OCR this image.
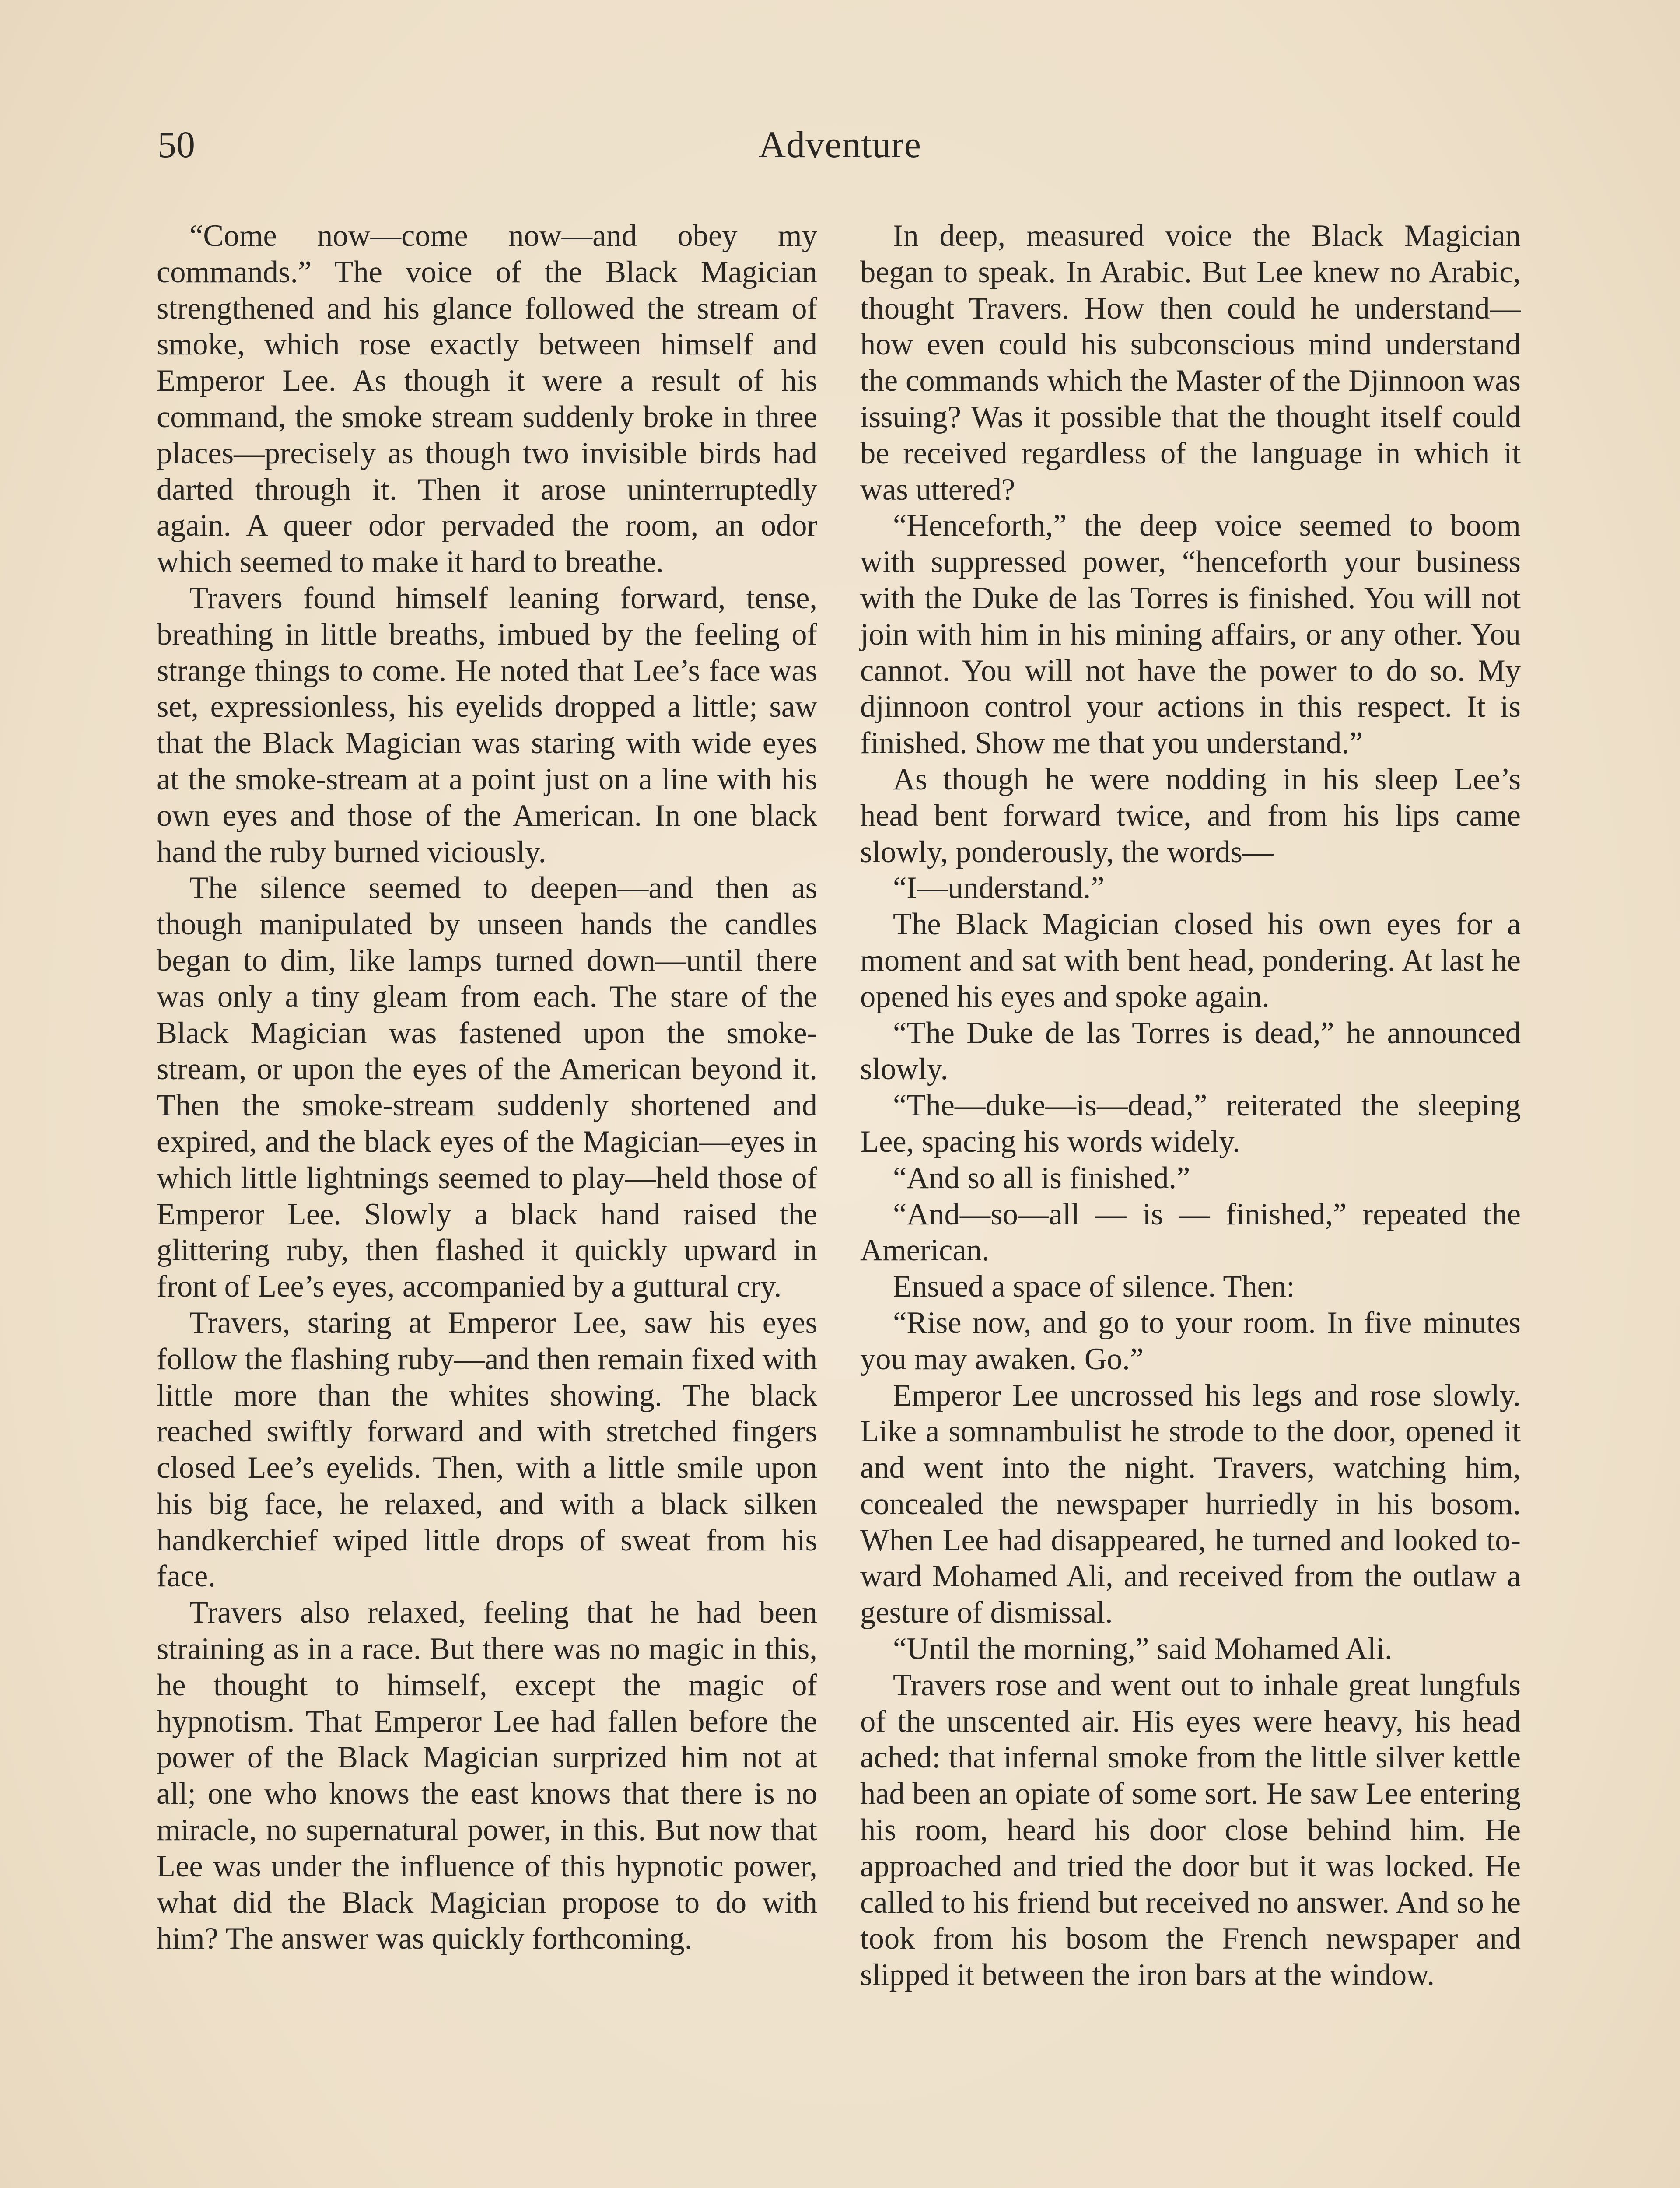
Adventure
50

“Come now—come now—and obey my commands.” The voice of the Black Magician strengthened and his glance followed the stream of smoke, which rose exactly between himself and Emperor Lee. As though it were a result of his command, the smoke stream suddenly broke in three places—precisely as though two invisible birds had darted through it. Then it arose uninterruptedly again. A queer odor pervaded the room, an odor which seemed to make it hard to breathe.

Travers found himself leaning forward, tense, breathing in little breaths, imbued by the feeling of strange things to come. He noted that Lee’s face was set, expressionless, his eyelids dropped a little; saw that the Black Magician was staring with wide eyes at the smoke-stream at a point just on a line with his own eyes and those of the American. In one black hand the ruby burned viciously.

The silence seemed to deepen—and then as though manipulated by unseen hands the candles began to dim, like lamps turned down—until there was only a tiny gleam from each. The stare of the Black Magician was fastened upon the smoke-stream, or upon the eyes of the American beyond it. Then the smoke-stream suddenly shortened and expired, and the black eyes of the Magician—eyes in which little lightnings seemed to play—held those of Emperor Lee. Slowly a black hand raised the glittering ruby, then flashed it quickly upward in front of Lee’s eyes, accompanied by a guttural cry.

Travers, staring at Emperor Lee, saw his eyes follow the flashing ruby—and then remain fixed with little more than the whites showing. The black reached swiftly forward and with stretched fingers closed Lee’s eyelids. Then, with a little smile upon his big face, he relaxed, and with a black silken handkerchief wiped little drops of sweat from his face.

Travers also relaxed, feeling that he had been straining as in a race. But there was no magic in this, he thought to himself, except the magic of hypnotism. That Emperor Lee had fallen before the power of the Black Magician surprized him not at all; one who knows the east knows that there is no miracle, no supernatural power, in this. But now that Lee was under the influence of this hypnotic power, what did the Black Magician propose to do with him? The answer was quickly forthcoming.

In deep, measured voice the Black Magician began to speak. In Arabic. But Lee knew no Arabic, thought Travers. How then could he understand—how even could his subconscious mind understand the commands which the Master of the Djinnoon was issuing? Was it possible that the thought itself could be received regardless of the language in which it was uttered?

“Henceforth,” the deep voice seemed to boom with suppressed power, “henceforth your business with the Duke de las Torres is finished. You will not join with him in his mining affairs, or any other. You cannot. You will not have the power to do so. My djinnoon control your actions in this respect. It is finished. Show me that you understand.”

As though he were nodding in his sleep Lee’s head bent forward twice, and from his lips came slowly, ponderously, the words—

“I—understand.”

The Black Magician closed his own eyes for a moment and sat with bent head, pondering. At last he opened his eyes and spoke again.

“The Duke de las Torres is dead,” he announced slowly.

“The—duke—is—dead,” reiterated the sleeping Lee, spacing his words widely.

“And so all is finished.”

“And—so—all — is — finished,” repeated the American.

Ensued a space of silence. Then:

“Rise now, and go to your room. In five minutes you may awaken. Go.”

Emperor Lee uncrossed his legs and rose slowly. Like a somnambulist he strode to the door, opened it and went into the night. Travers, watching him, concealed the newspaper hurriedly in his bosom. When Lee had disappeared, he turned and looked toward Mohamed Ali, and received from the outlaw a gesture of dismissal.

“Until the morning,” said Mohamed Ali.

Travers rose and went out to inhale great lungfuls of the unscented air. His eyes were heavy, his head ached: that infernal smoke from the little silver kettle had been an opiate of some sort. He saw Lee entering his room, heard his door close behind him. He approached and tried the door but it was locked. He called to his friend but received no answer. And so he took from his bosom the French newspaper and slipped it between the iron bars at the window.
